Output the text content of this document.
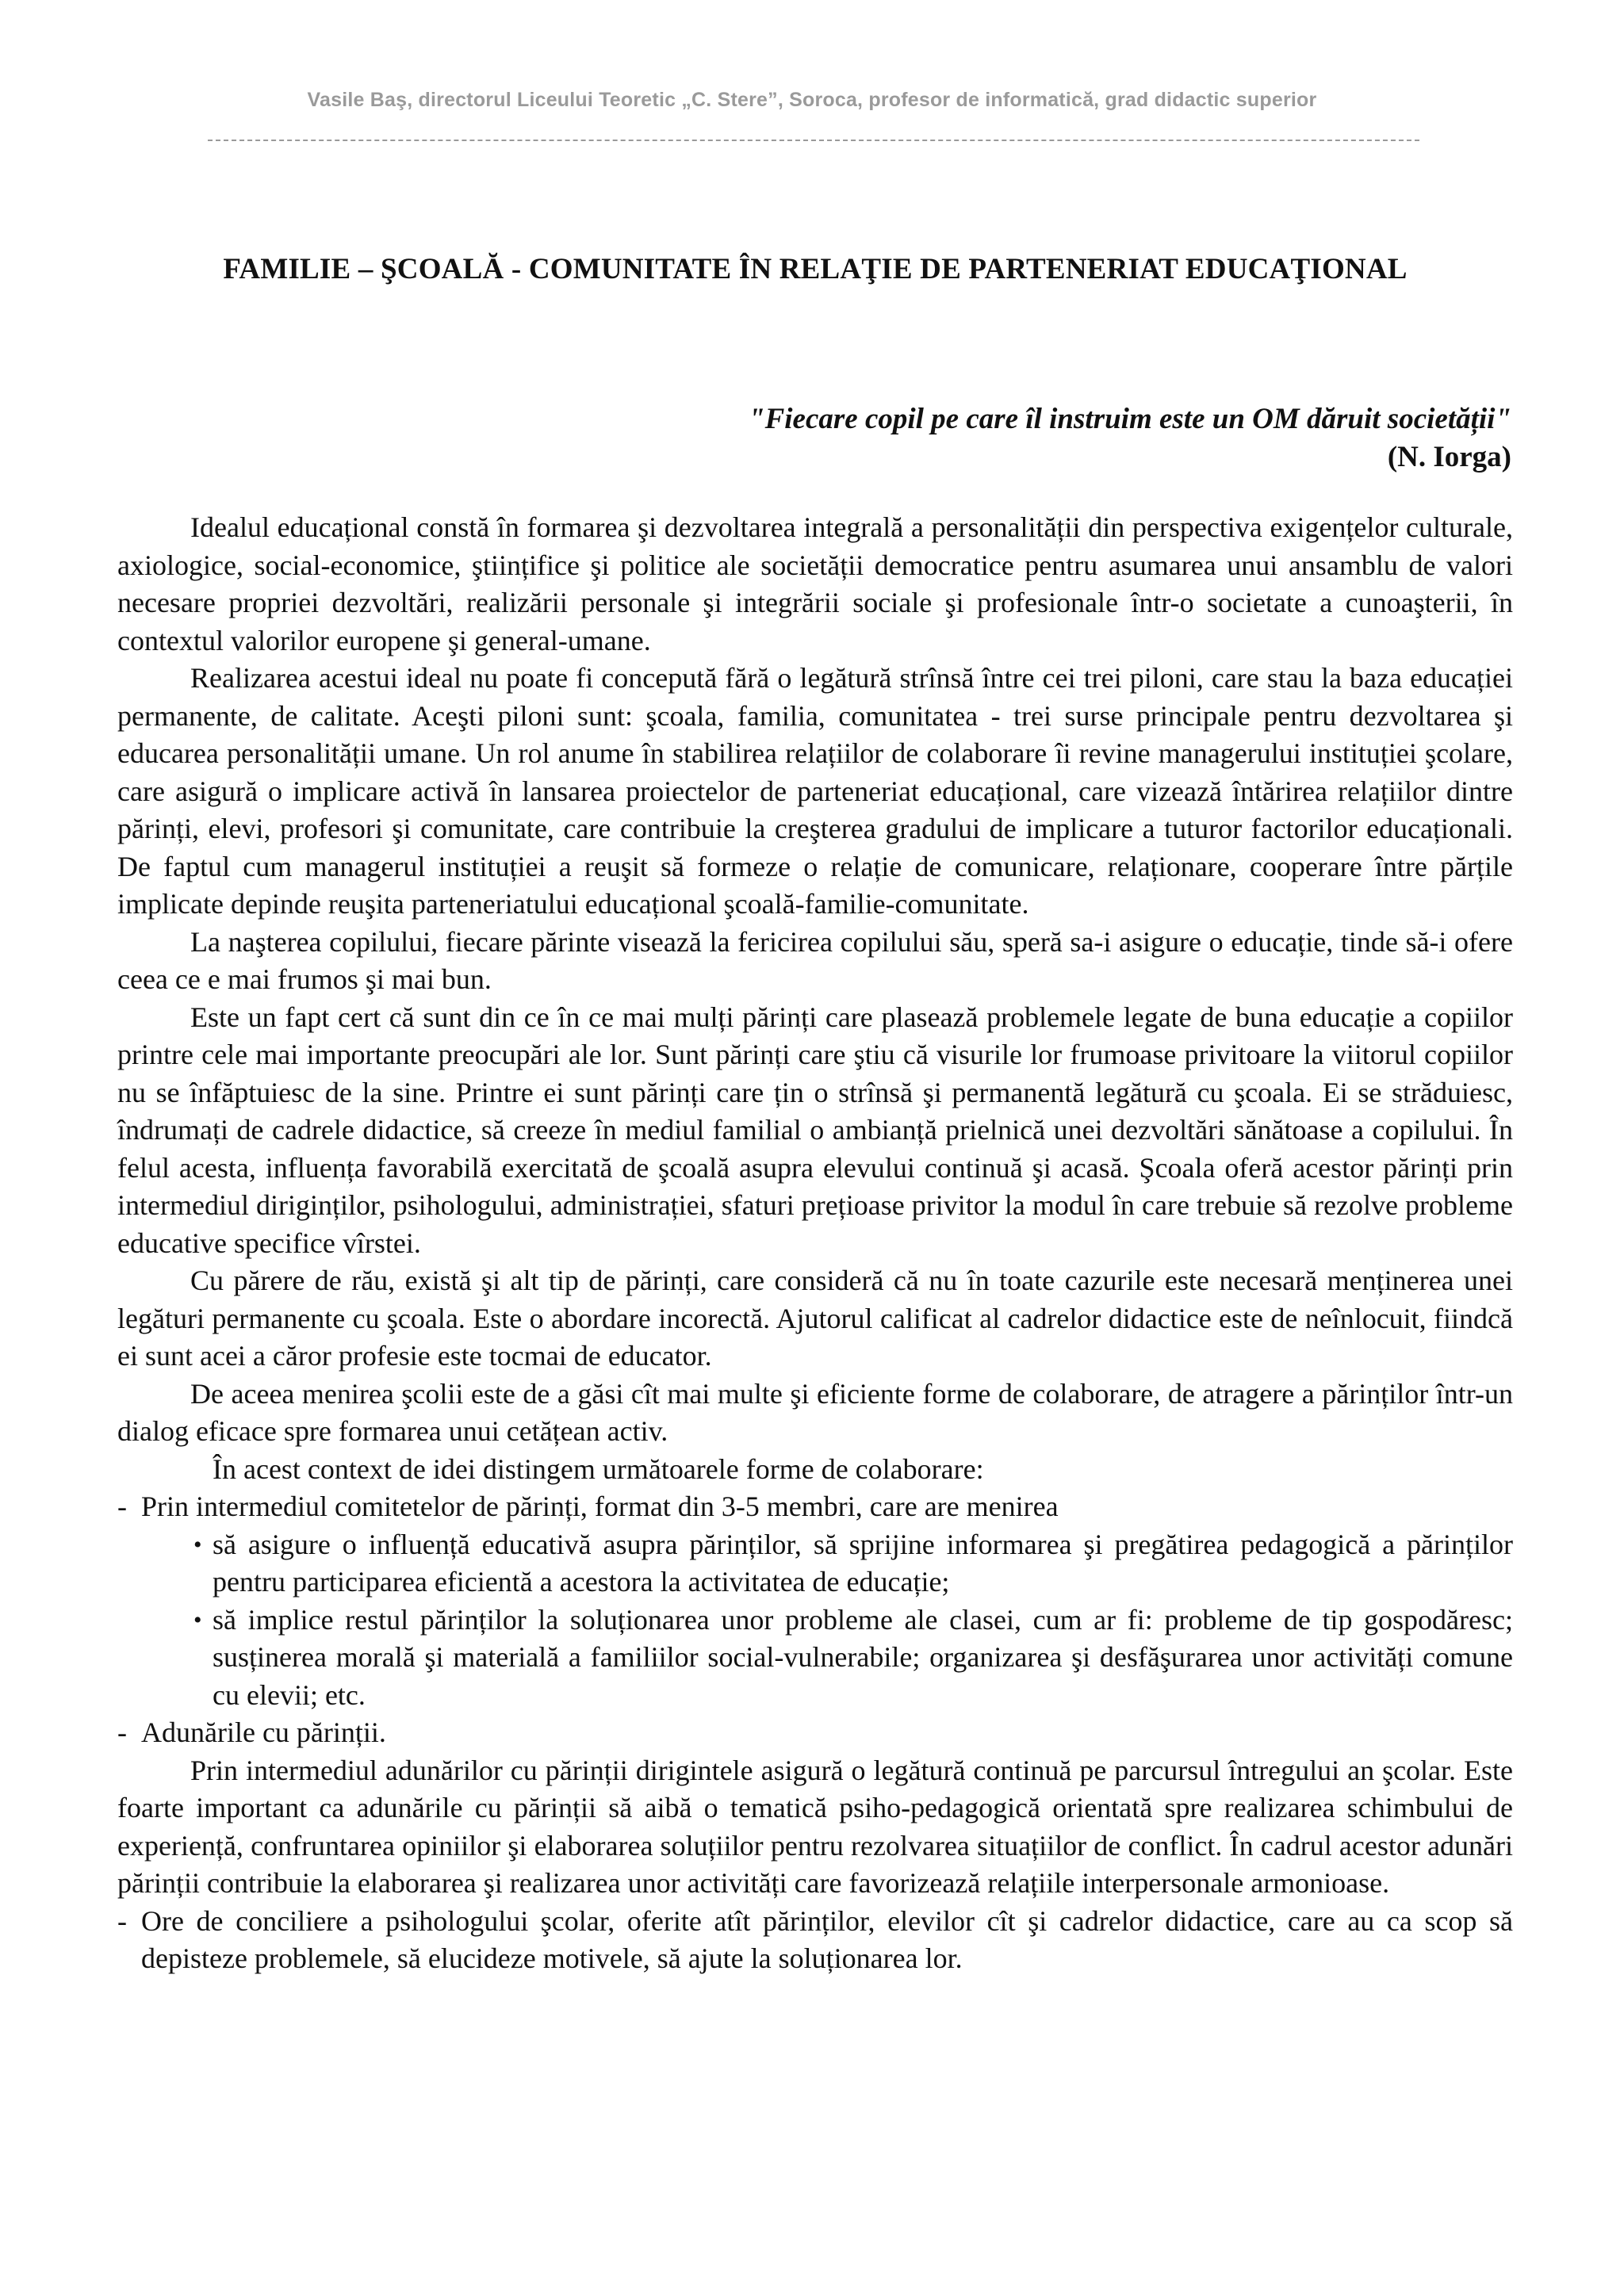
Vasile Baş, directorul Liceului Teoretic „C. Stere”, Soroca, profesor de informatică, grad didactic superior
FAMILIE – ŞCOALĂ - COMUNITATE ÎN RELAŢIE DE PARTENERIAT EDUCAŢIONAL
"Fiecare copil pe care îl instruim este un OM dăruit societății"
(N. Iorga)

Idealul educațional constă în formarea şi dezvoltarea integrală a personalității din perspectiva exigențelor culturale, axiologice, social-economice, ştiințifice şi politice ale societății democratice pentru asumarea unui ansamblu de valori necesare propriei dezvoltări, realizării personale şi integrării sociale şi profesionale într-o societate a cunoaşterii, în contextul valorilor europene şi general-umane.

Realizarea acestui ideal nu poate fi concepută fără o legătură strînsă între cei trei piloni, care stau la baza educației permanente, de calitate. Aceşti piloni sunt: şcoala, familia, comunitatea - trei surse principale pentru dezvoltarea şi educarea personalității umane. Un rol anume în stabilirea relațiilor de colaborare îi revine managerului instituției şcolare, care asigură o implicare activă în lansarea proiectelor de parteneriat educațional, care vizează întărirea relațiilor dintre părinți, elevi, profesori şi comunitate, care contribuie la creşterea gradului de implicare a tuturor factorilor educaționali. De faptul cum managerul instituției a reuşit să formeze o relație de comunicare, relaționare, cooperare între părțile implicate depinde reuşita parteneriatului educațional şcoală-familie-comunitate.

La naşterea copilului, fiecare părinte visează la fericirea copilului său, speră sa-i asigure o educație, tinde să-i ofere ceea ce e mai frumos şi mai bun.

Este un fapt cert că sunt din ce în ce mai mulți părinți care plasează problemele legate de buna educație a copiilor printre cele mai importante preocupări ale lor. Sunt părinți care ştiu că visurile lor frumoase privitoare la viitorul copiilor nu se înfăptuiesc de la sine. Printre ei sunt părinți care țin o strînsă şi permanentă legătură cu şcoala. Ei se străduiesc, îndrumați de cadrele didactice, să creeze în mediul familial o ambianță prielnică unei dezvoltări sănătoase a copilului. În felul acesta, influența favorabilă exercitată de şcoală asupra elevului continuă şi acasă. Şcoala oferă acestor părinți prin intermediul diriginților, psihologului, administrației, sfaturi prețioase privitor la modul în care trebuie să rezolve probleme educative specifice vîrstei.

Cu părere de rău, există şi alt tip de părinți, care consideră că nu în toate cazurile este necesară menținerea unei legături permanente cu şcoala. Este o abordare incorectă. Ajutorul calificat al cadrelor didactice este de neînlocuit, fiindcă ei sunt acei a căror profesie este tocmai de educator.

De aceea menirea şcolii este de a găsi cît mai multe şi eficiente forme de colaborare, de atragere a părinților într-un dialog eficace spre formarea unui cetățean activ.

În acest context de idei distingem următoarele forme de colaborare:

- Prin intermediul comitetelor de părinți, format din 3-5 membri, care are menirea
• să asigure o influență educativă asupra părinților, să sprijine informarea şi pregătirea pedagogică a părinților pentru participarea eficientă a acestora la activitatea de educație;
• să implice restul părinților la soluționarea unor probleme ale clasei, cum ar fi: probleme de tip gospodăresc; susținerea morală şi materială a familiilor social-vulnerabile; organizarea şi desfăşurarea unor activități comune cu elevii; etc.
- Adunările cu părinții.

Prin intermediul adunărilor cu părinții dirigintele asigură o legătură continuă pe parcursul întregului an şcolar. Este foarte important ca adunările cu părinții să aibă o tematică psiho-pedagogică orientată spre realizarea schimbului de experiență, confruntarea opiniilor şi elaborarea soluțiilor pentru rezolvarea situațiilor de conflict. În cadrul acestor adunări părinții contribuie la elaborarea şi realizarea unor activități care favorizează relațiile interpersonale armonioase.

- Ore de conciliere a psihologului şcolar, oferite atît părinților, elevilor cît şi cadrelor didactice, care au ca scop să depisteze problemele, să elucideze motivele, să ajute la soluționarea lor.
